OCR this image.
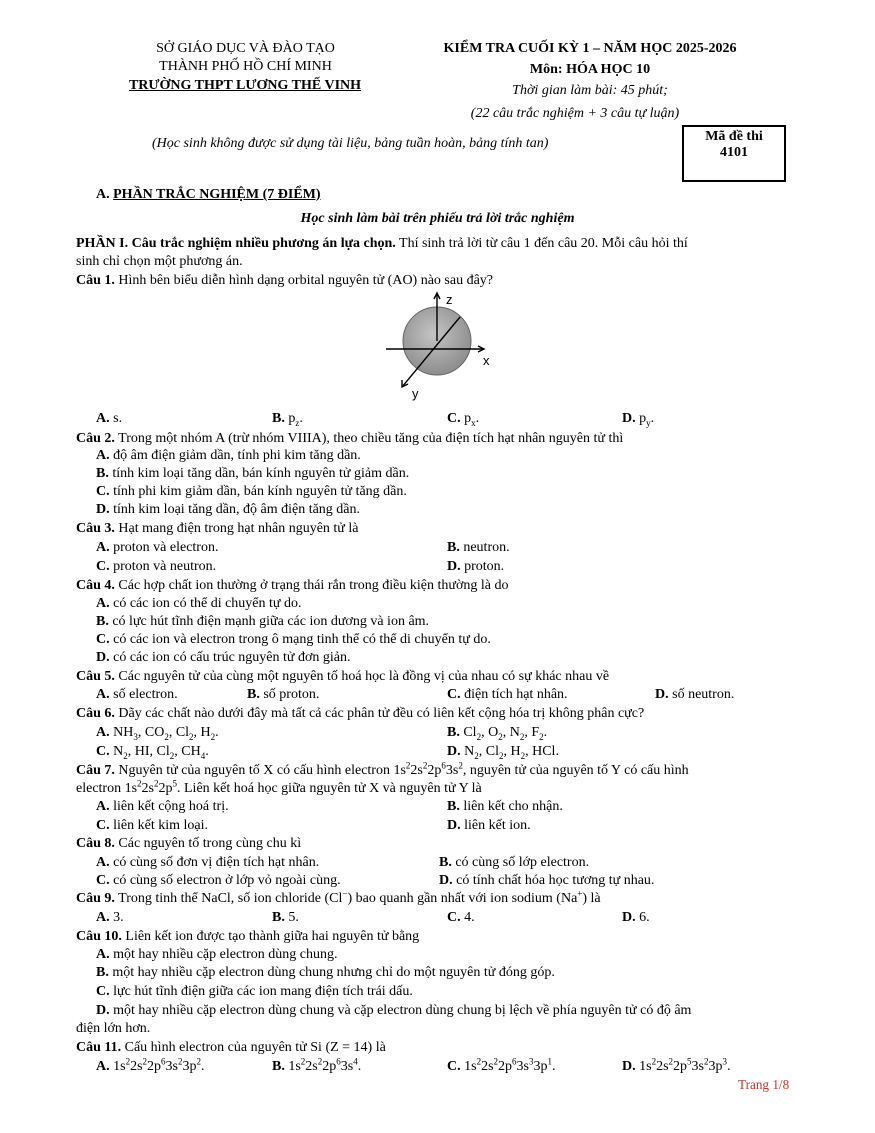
SỞ GIÁO DỤC VÀ ĐÀO TẠO
THÀNH PHỐ HỒ CHÍ MINH
TRƯỜNG THPT LƯƠNG THẾ VINH
KIỂM TRA CUỐI KỲ 1 – NĂM HỌC 2025-2026
Môn: HÓA HỌC 10
Thời gian làm bài: 45 phút;
(22 câu trắc nghiệm + 3 câu tự luận)
(Học sinh không được sử dụng tài liệu, bảng tuần hoàn, bảng tính tan)	Mã đề thi
4101
A. PHẦN TRẮC NGHIỆM (7 ĐIỂM)
Học sinh làm bài trên phiếu trả lời trắc nghiệm
PHẦN I. Câu trắc nghiệm nhiều phương án lựa chọn. Thí sinh trả lời từ câu 1 đến câu 20. Mỗi câu hỏi thí
sinh chỉ chọn một phương án.
Câu 1. Hình bên biểu diễn hình dạng orbital nguyên tử (AO) nào sau đây?
z
x
y
A. s.	B. $p_z$.	C. $p_x$.	D. $p_y$.
Câu 2. Trong một nhóm A (trừ nhóm VIIIA), theo chiều tăng của điện tích hạt nhân nguyên tử thì
A. độ âm điện giảm dần, tính phi kim tăng dần.
B. tính kim loại tăng dần, bán kính nguyên tử giảm dần.
C. tính phi kim giảm dần, bán kính nguyên tử tăng dần.
D. tính kim loại tăng dần, độ âm điện tăng dần.
Câu 3. Hạt mang điện trong hạt nhân nguyên tử là
A. proton và electron.	B. neutron.
C. proton và neutron.	D. proton.
Câu 4. Các hợp chất ion thường ở trạng thái rắn trong điều kiện thường là do
A. có các ion có thể di chuyển tự do.
B. có lực hút tĩnh điện mạnh giữa các ion dương và ion âm.
C. có các ion và electron trong ô mạng tinh thể có thể di chuyển tự do.
D. có các ion có cấu trúc nguyên tử đơn giản.
Câu 5. Các nguyên tử của cùng một nguyên tố hoá học là đồng vị của nhau có sự khác nhau về
A. số electron.	B. số proton.	C. điện tích hạt nhân.	D. số neutron.
Câu 6. Dãy các chất nào dưới đây mà tất cả các phân tử đều có liên kết cộng hóa trị không phân cực?
A. $NH_3$, $CO_2$, $Cl_2$, $H_2$.	B. $Cl_2$, $O_2$, $N_2$, $F_2$.
C. $N_2$, HI, $Cl_2$, $CH_4$.	D. $N_2$, $Cl_2$, $H_2$, HCl.
Câu 7. Nguyên tử của nguyên tố X có cấu hình electron $1s^22s^22p^63s^2$, nguyên tử của nguyên tố Y có cấu hình
electron $1s^22s^22p^5$. Liên kết hoá học giữa nguyên tử X và nguyên tử Y là
A. liên kết cộng hoá trị.	B. liên kết cho nhận.
C. liên kết kim loại.	D. liên kết ion.
Câu 8. Các nguyên tố trong cùng chu kì
A. có cùng số đơn vị điện tích hạt nhân.	B. có cùng số lớp electron.
C. có cùng số electron ở lớp vỏ ngoài cùng.	D. có tính chất hóa học tương tự nhau.
Câu 9. Trong tinh thể NaCl, số ion chloride (Cl−) bao quanh gần nhất với ion sodium (Na+) là
A. 3.	B. 5.	C. 4.	D. 6.
Câu 10. Liên kết ion được tạo thành giữa hai nguyên tử bằng
A. một hay nhiều cặp electron dùng chung.
B. một hay nhiều cặp electron dùng chung nhưng chỉ do một nguyên tử đóng góp.
C. lực hút tĩnh điện giữa các ion mang điện tích trái dấu.
D. một hay nhiều cặp electron dùng chung và cặp electron dùng chung bị lệch về phía nguyên tử có độ âm
điện lớn hơn.
Câu 11. Cấu hình electron của nguyên tử Si (Z = 14) là
A. $1s^22s^22p^63s^23p^2$.	B. $1s^22s^22p^63s^4$.	C. $1s^22s^22p^63s^33p^1$.	D. $1s^22s^22p^53s^23p^3$.
Trang 1/8
